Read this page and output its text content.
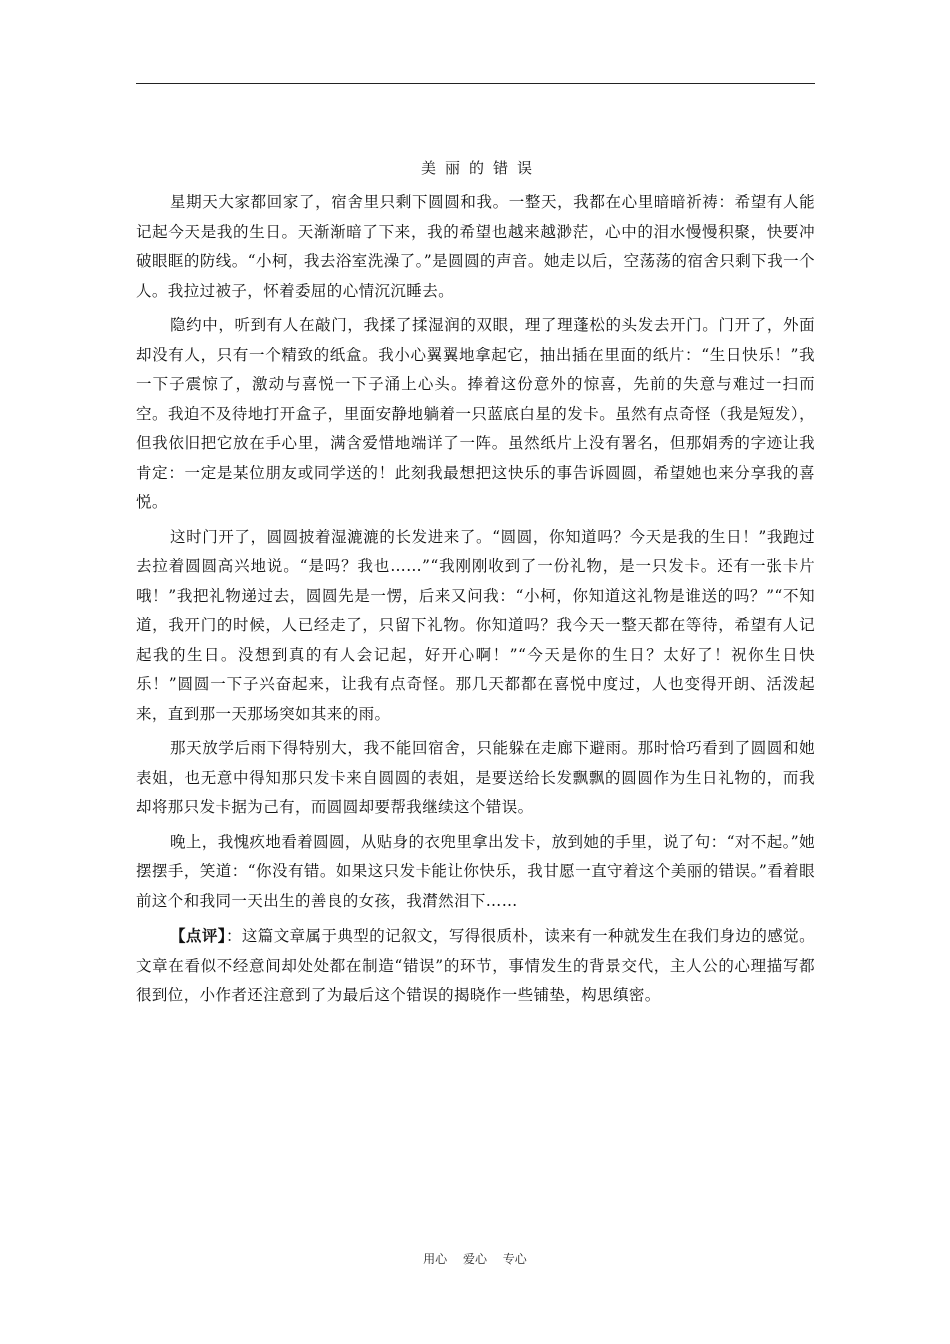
美丽的错误

星期天大家都回家了，宿舍里只剩下圆圆和我。一整天，我都在心里暗暗祈祷：希望有人能记起今天是我的生日。天渐渐暗了下来，我的希望也越来越渺茫，心中的泪水慢慢积聚，快要冲破眼眶的防线。“小柯，我去浴室洗澡了。”是圆圆的声音。她走以后，空荡荡的宿舍只剩下我一个人。我拉过被子，怀着委屈的心情沉沉睡去。

隐约中，听到有人在敲门，我揉了揉湿润的双眼，理了理蓬松的头发去开门。门开了，外面却没有人，只有一个精致的纸盒。我小心翼翼地拿起它，抽出插在里面的纸片：“生日快乐！”我一下子震惊了，激动与喜悦一下子涌上心头。捧着这份意外的惊喜，先前的失意与难过一扫而空。我迫不及待地打开盒子，里面安静地躺着一只蓝底白星的发卡。虽然有点奇怪（我是短发），但我依旧把它放在手心里，满含爱惜地端详了一阵。虽然纸片上没有署名，但那娟秀的字迹让我肯定：一定是某位朋友或同学送的！此刻我最想把这快乐的事告诉圆圆，希望她也来分享我的喜悦。

这时门开了，圆圆披着湿漉漉的长发进来了。“圆圆，你知道吗？今天是我的生日！”我跑过去拉着圆圆高兴地说。“是吗？我也……”“我刚刚收到了一份礼物，是一只发卡。还有一张卡片哦！”我把礼物递过去，圆圆先是一愣，后来又问我：“小柯，你知道这礼物是谁送的吗？”“不知道，我开门的时候，人已经走了，只留下礼物。你知道吗？我今天一整天都在等待，希望有人记起我的生日。没想到真的有人会记起，好开心啊！”“今天是你的生日？太好了！祝你生日快乐！”圆圆一下子兴奋起来，让我有点奇怪。那几天都都在喜悦中度过，人也变得开朗、活泼起来，直到那一天那场突如其来的雨。

那天放学后雨下得特别大，我不能回宿舍，只能躲在走廊下避雨。那时恰巧看到了圆圆和她表姐，也无意中得知那只发卡来自圆圆的表姐，是要送给长发飘飘的圆圆作为生日礼物的，而我却将那只发卡据为己有，而圆圆却要帮我继续这个错误。

晚上，我愧疚地看着圆圆，从贴身的衣兜里拿出发卡，放到她的手里，说了句：“对不起。”她摆摆手，笑道：“你没有错。如果这只发卡能让你快乐，我甘愿一直守着这个美丽的错误。”看着眼前这个和我同一天出生的善良的女孩，我潸然泪下……

【点评】：这篇文章属于典型的记叙文，写得很质朴，读来有一种就发生在我们身边的感觉。文章在看似不经意间却处处都在制造“错误”的环节，事情发生的背景交代，主人公的心理描写都很到位，小作者还注意到了为最后这个错误的揭晓作一些铺垫，构思缜密。

用心 爱心 专心
